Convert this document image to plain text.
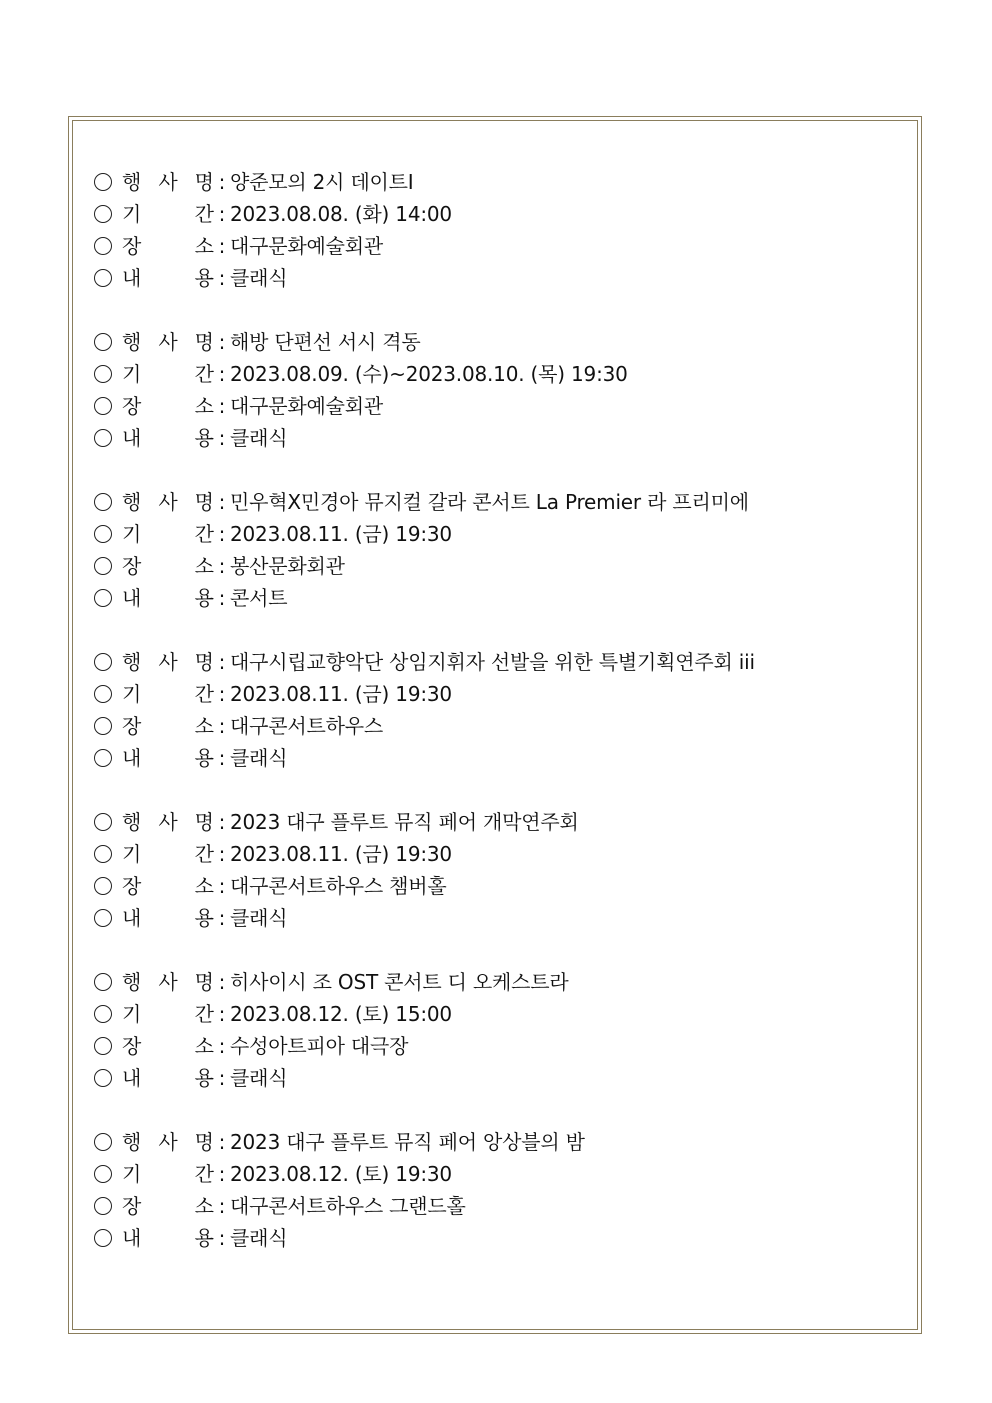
행 사 명 : 양준모의 2시 데이트I
기	간 : 2023.08.08. (화) 14:00
장	소 : 대구문화예술회관
내	용 : 클래식
행 사 명 : 해방 단편선 서시 격동
기	간 : 2023.08.09. (수)~2023.08.10. (목) 19:30
장	소 : 대구문화예술회관
내	용 : 클래식
행 사 명 : 민우혁X민경아 뮤지컬 갈라 콘서트 La Premier 라 프리미에
기	간 : 2023.08.11. (금) 19:30
장	소 : 봉산문화회관
내	용 : 콘서트
행 사 명 : 대구시립교향악단 상임지휘자 선발을 위한 특별기획연주회 iii
기	간 : 2023.08.11. (금) 19:30
장	소 : 대구콘서트하우스
내	용 : 클래식
행 사 명 : 2023 대구 플루트 뮤직 페어 개막연주회
기	간 : 2023.08.11. (금) 19:30
장	소 : 대구콘서트하우스 챔버홀
내	용 : 클래식
행 사 명 : 히사이시 조 OST 콘서트 디 오케스트라
기	간 : 2023.08.12. (토) 15:00
장	소 : 수성아트피아 대극장
내	용 : 클래식
행 사 명 : 2023 대구 플루트 뮤직 페어 앙상블의 밤
기	간 : 2023.08.12. (토) 19:30
장	소 : 대구콘서트하우스 그랜드홀
내	용 : 클래식
